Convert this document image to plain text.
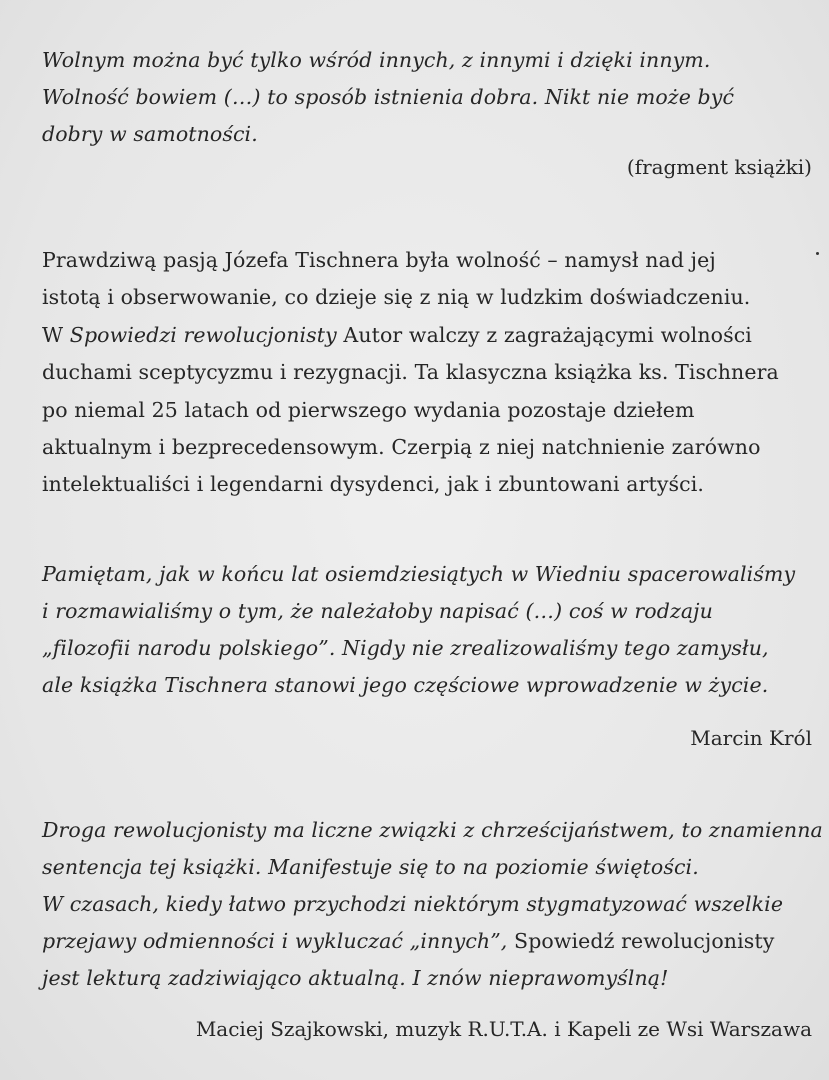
Wolnym można być tylko wśród innych, z innymi i dzięki innym.
Wolność bowiem (…) to sposób istnienia dobra. Nikt nie może być
dobry w samotności.
(fragment książki)
Prawdziwą pasją Józefa Tischnera była wolność – namysł nad jej
istotą i obserwowanie, co dzieje się z nią w ludzkim doświadczeniu.
W Spowiedzi rewolucjonisty Autor walczy z zagrażającymi wolności
duchami sceptycyzmu i rezygnacji. Ta klasyczna książka ks. Tischnera
po niemal 25 latach od pierwszego wydania pozostaje dziełem
aktualnym i bezprecedensowym. Czerpią z niej natchnienie zarówno
intelektualiści i legendarni dysydenci, jak i zbuntowani artyści.
Pamiętam, jak w końcu lat osiemdziesiątych w Wiedniu spacerowaliśmy
i rozmawialiśmy o tym, że należałoby napisać (…) coś w rodzaju
„filozofii narodu polskiego”. Nigdy nie zrealizowaliśmy tego zamysłu,
ale książka Tischnera stanowi jego częściowe wprowadzenie w życie.
Marcin Król
Droga rewolucjonisty ma liczne związki z chrześcijaństwem, to znamienna
sentencja tej książki. Manifestuje się to na poziomie świętości.
W czasach, kiedy łatwo przychodzi niektórym stygmatyzować wszelkie
przejawy odmienności i wykluczać „innych”, Spowiedź rewolucjonisty
jest lekturą zadziwiająco aktualną. I znów nieprawomyślną!
Maciej Szajkowski, muzyk R.U.T.A. i Kapeli ze Wsi Warszawa
